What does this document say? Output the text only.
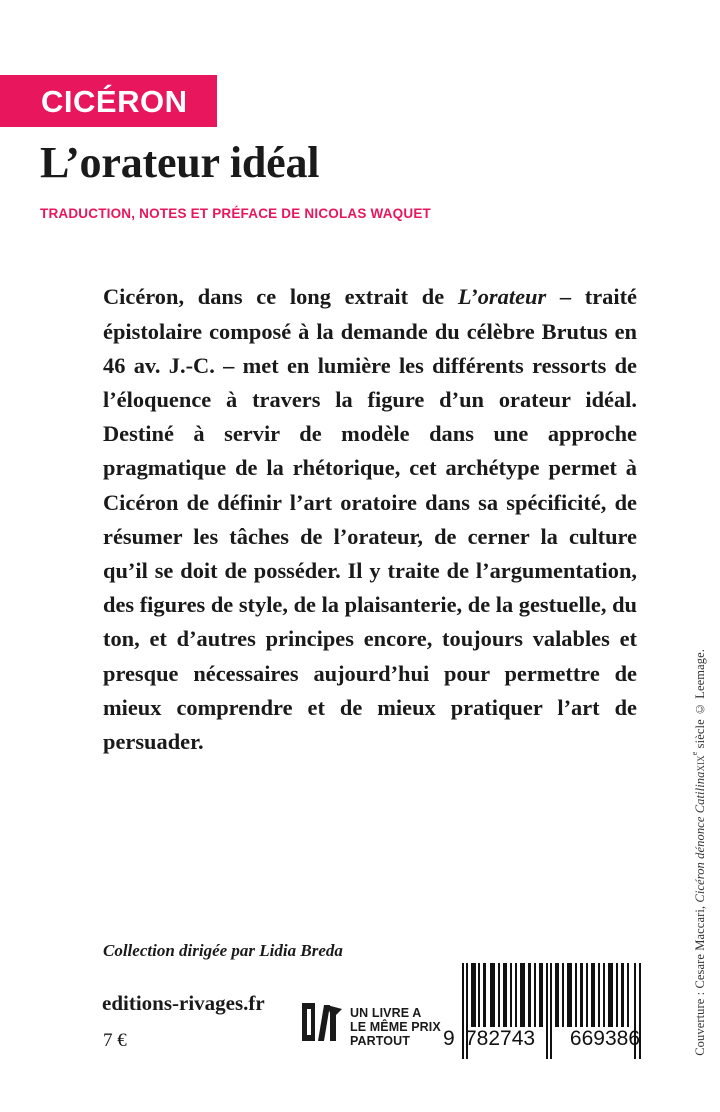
CICÉRON
L’orateur idéal
TRADUCTION, NOTES ET PRÉFACE DE NICOLAS WAQUET

Cicéron, dans ce long extrait de L’orateur – traité épistolaire composé à la demande du célèbre Brutus en 46 av. J.-C. – met en lumière les différents ressorts de l’éloquence à travers la figure d’un orateur idéal. Destiné à servir de modèle dans une approche pragmatique de la rhétorique, cet archétype permet à Cicéron de définir l’art oratoire dans sa spécificité, de résumer les tâches de l’orateur, de cerner la culture qu’il se doit de posséder. Il y traite de l’argumentation, des figures de style, de la plaisanterie, de la gestuelle, du ton, et d’autres principes encore, toujours valables et presque nécessaires aujourd’hui pour permettre de mieux comprendre et de mieux pratiquer l’art de persuader.

Collection dirigée par Lidia Breda
editions-rivages.fr
7 €
UN LIVRE A
LE MÊME PRIX
PARTOUT	9 782743 669386	Couverture : Cesare Maccari, Cicéron dénonce Catilinaxix$^e$ siècle © Leemage.
